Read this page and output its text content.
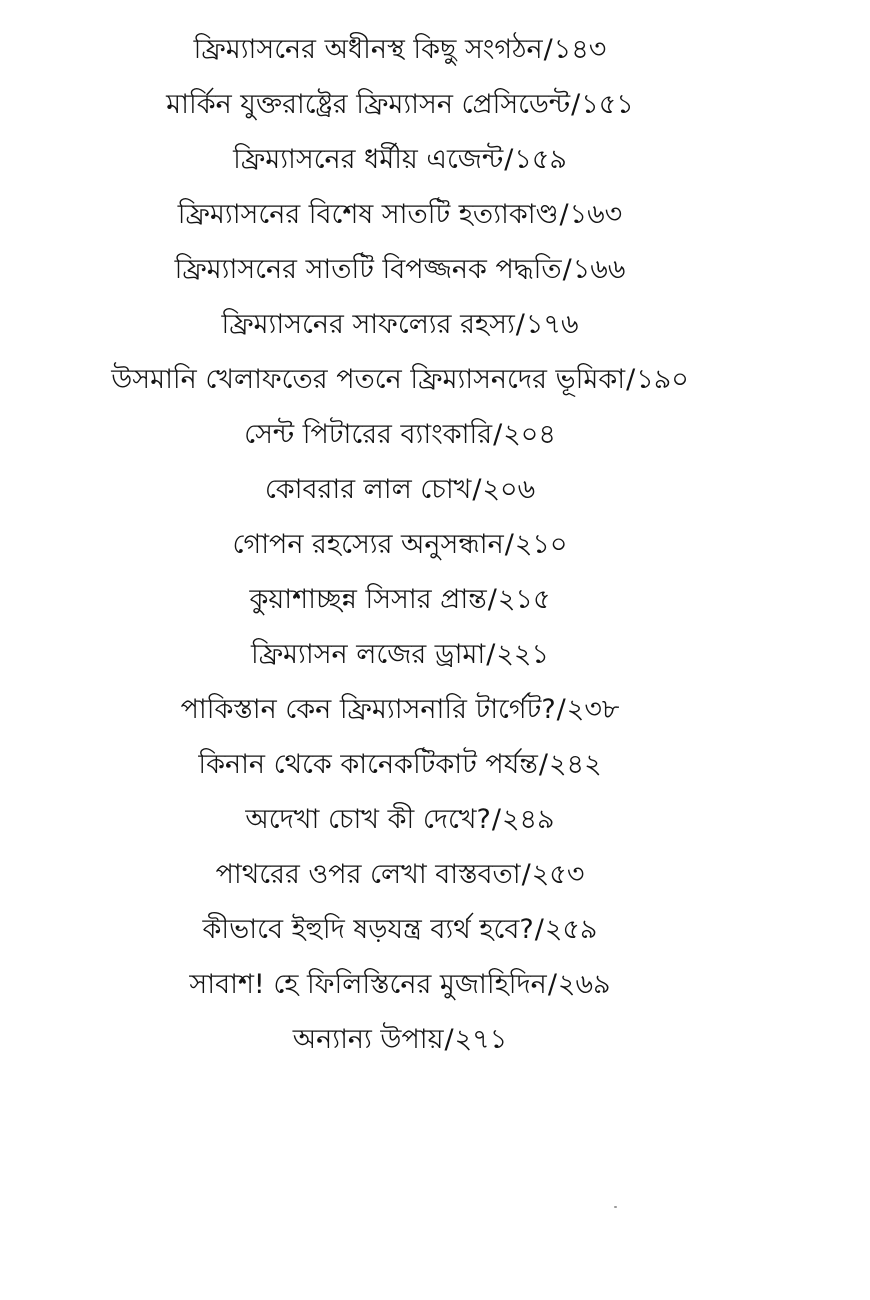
ফ্রিম্যাসনের অধীনস্থ কিছু সংগঠন/১৪৩
মার্কিন যুক্তরাষ্ট্রের ফ্রিম্যাসন প্রেসিডেন্ট/১৫১
ফ্রিম্যাসনের ধর্মীয় এজেন্ট/১৫৯
ফ্রিম্যাসনের বিশেষ সাতটি হত্যাকাণ্ড/১৬৩
ফ্রিম্যাসনের সাতটি বিপজ্জনক পদ্ধতি/১৬৬
ফ্রিম্যাসনের সাফল্যের রহস্য/১৭৬
উসমানি খেলাফতের পতনে ফ্রিম্যাসনদের ভূমিকা/১৯০
সেন্ট পিটারের ব্যাংকারি/২০৪
কোবরার লাল চোখ/২০৬
গোপন রহস্যের অনুসন্ধান/২১০
কুয়াশাচ্ছন্ন সিসার প্রান্ত/২১৫
ফ্রিম্যাসন লজের ড্রামা/২২১
পাকিস্তান কেন ফ্রিম্যাসনারি টার্গেট?/২৩৮
কিনান থেকে কানেকটিকাট পর্যন্ত/২৪২
অদেখা চোখ কী দেখে?/২৪৯
পাথরের ওপর লেখা বাস্তবতা/২৫৩
কীভাবে ইহুদি ষড়যন্ত্র ব্যর্থ হবে?/২৫৯
সাবাশ! হে ফিলিস্তিনের মুজাহিদিন/২৬৯
অন্যান্য উপায়/২৭১
